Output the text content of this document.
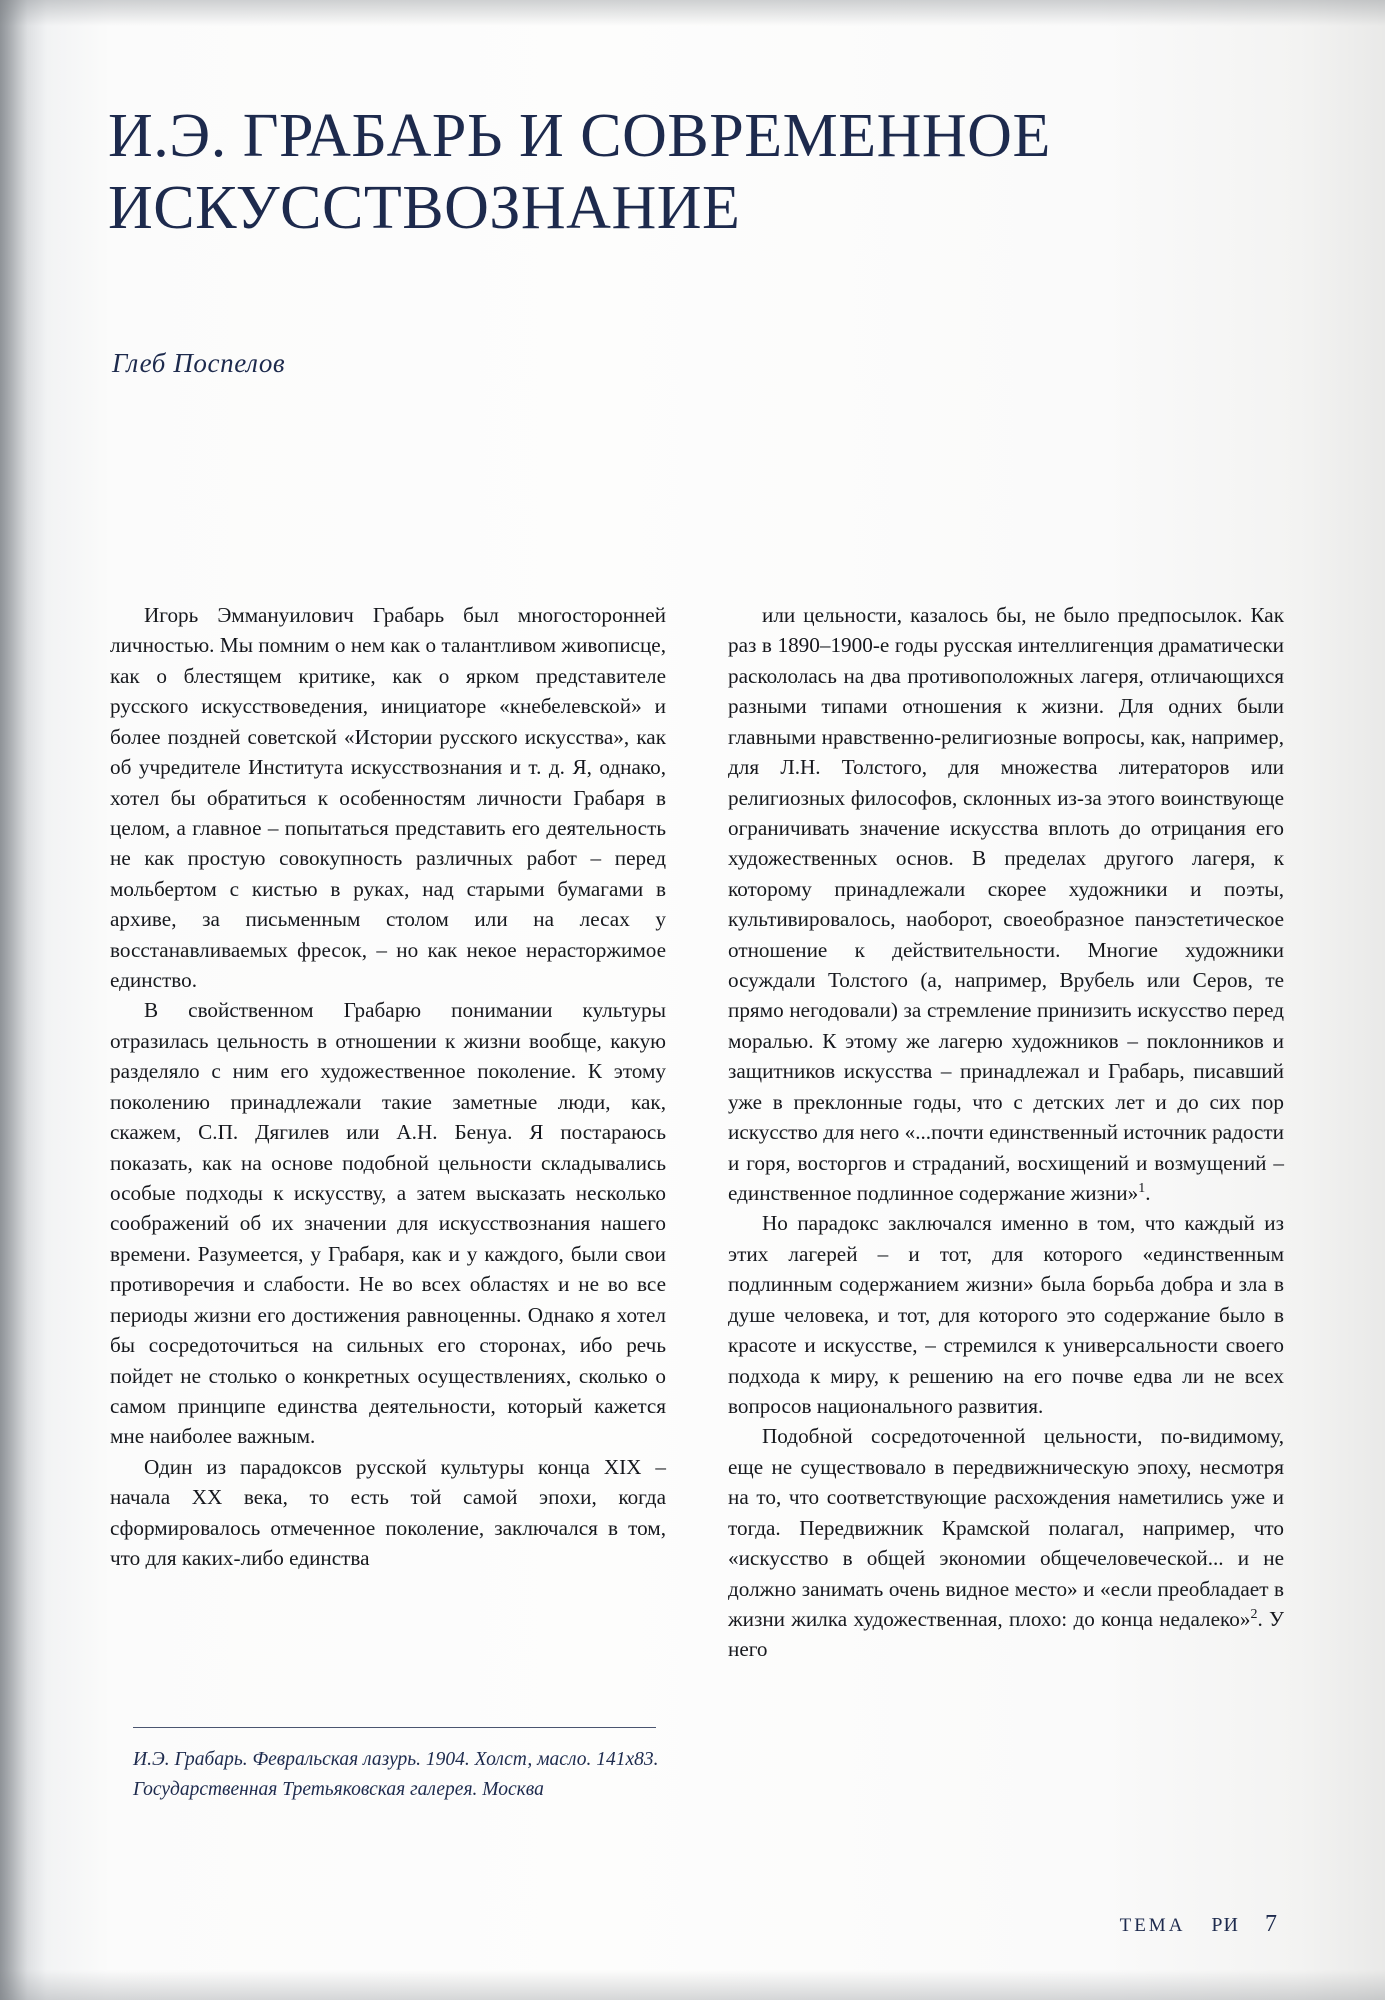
И.Э. ГРАБАРЬ И СОВРЕМЕННОЕ ИСКУССТВОЗНАНИЕ
Глеб Поспелов

Игорь Эммануилович Грабарь был многосторонней личностью. Мы помним о нем как о талантливом живописце, как о блестящем критике, как о ярком представителе русского искусствоведения, инициаторе «кнебелевской» и более поздней советской «Истории русского искусства», как об учредителе Института искусствознания и т. д. Я, однако, хотел бы обратиться к особенностям личности Грабаря в целом, а главное – попытаться представить его деятельность не как простую совокупность различных работ – перед мольбертом с кистью в руках, над старыми бумагами в архиве, за письменным столом или на лесах у восстанавливаемых фресок, – но как некое нерасторжимое единство.

В свойственном Грабарю понимании культуры отразилась цельность в отношении к жизни вообще, какую разделяло с ним его художественное поколение. К этому поколению принадлежали такие заметные люди, как, скажем, С.П. Дягилев или А.Н. Бенуа. Я постараюсь показать, как на основе подобной цельности складывались особые подходы к искусству, а затем высказать несколько соображений об их значении для искусствознания нашего времени. Разумеется, у Грабаря, как и у каждого, были свои противоречия и слабости. Не во всех областях и не во все периоды жизни его достижения равноценны. Однако я хотел бы сосредоточиться на сильных его сторонах, ибо речь пойдет не столько о конкретных осуществлениях, сколько о самом принципе единства деятельности, который кажется мне наиболее важным.

Один из парадоксов русской культуры конца XIX – начала XX века, то есть той самой эпохи, когда сформировалось отмеченное поколение, заключался в том, что для каких-либо единства

или цельности, казалось бы, не было предпосылок. Как раз в 1890–1900-е годы русская интеллигенция драматически раскололась на два противоположных лагеря, отличающихся разными типами отношения к жизни. Для одних были главными нравственно-религиозные вопросы, как, например, для Л.Н. Толстого, для множества литераторов или религиозных философов, склонных из-за этого воинствующе ограничивать значение искусства вплоть до отрицания его художественных основ. В пределах другого лагеря, к которому принадлежали скорее художники и поэты, культивировалось, наоборот, своеобразное панэстетическое отношение к действительности. Многие художники осуждали Толстого (а, например, Врубель или Серов, те прямо негодовали) за стремление принизить искусство перед моралью. К этому же лагерю художников – поклонников и защитников искусства – принадлежал и Грабарь, писавший уже в преклонные годы, что с детских лет и до сих пор искусство для него «...почти единственный источник радости и горя, восторгов и страданий, восхищений и возмущений – единственное подлинное содержание жизни»$^1$.

Но парадокс заключался именно в том, что каждый из этих лагерей – и тот, для которого «единственным подлинным содержанием жизни» была борьба добра и зла в душе человека, и тот, для которого это содержание было в красоте и искусстве, – стремился к универсальности своего подхода к миру, к решению на его почве едва ли не всех вопросов национального развития.

Подобной сосредоточенной цельности, по-видимому, еще не существовало в передвижническую эпоху, несмотря на то, что соответствующие расхождения наметились уже и тогда. Передвижник Крамской полагал, например, что «искусство в общей экономии общечеловеческой... и не должно занимать очень видное место» и «если преобладает в жизни жилка художественная, плохо: до конца недалеко»$^2$. У него

И.Э. Грабарь. Февральская лазурь. 1904. Холст, масло. 141х83. Государственная Третьяковская галерея. Москва
ТЕМА РИ 7
